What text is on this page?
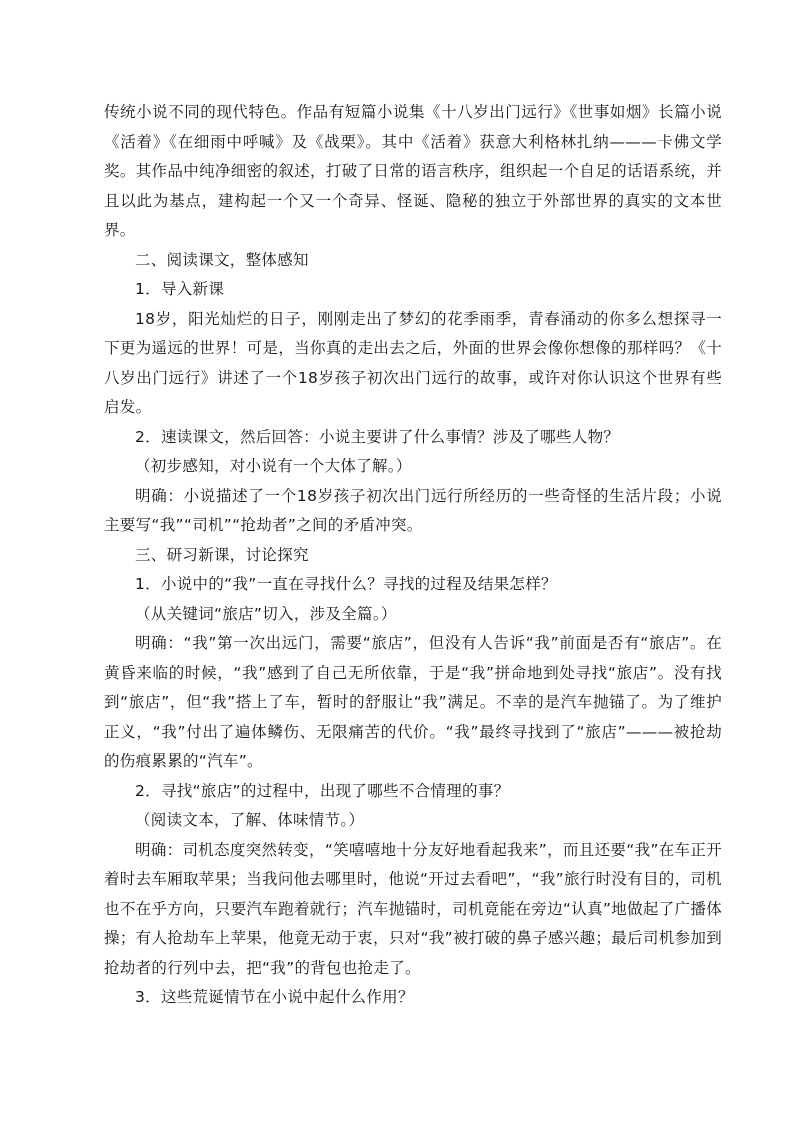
传统小说不同的现代特色。作品有短篇小说集《十八岁出门远行》《世事如烟》长篇小说《活着》《在细雨中呼喊》及《战栗》。其中《活着》获意大利格林扎纳———卡佛文学奖。其作品中纯净细密的叙述，打破了日常的语言秩序，组织起一个自足的话语系统，并且以此为基点，建构起一个又一个奇异、怪诞、隐秘的独立于外部世界的真实的文本世界。

二、阅读课文，整体感知

1．导入新课

18岁，阳光灿烂的日子，刚刚走出了梦幻的花季雨季，青春涌动的你多么想探寻一下更为遥远的世界！可是，当你真的走出去之后，外面的世界会像你想像的那样吗？《十八岁出门远行》讲述了一个18岁孩子初次出门远行的故事，或许对你认识这个世界有些启发。

2．速读课文，然后回答：小说主要讲了什么事情？涉及了哪些人物？

（初步感知，对小说有一个大体了解。）

明确：小说描述了一个18岁孩子初次出门远行所经历的一些奇怪的生活片段；小说主要写“我”“司机”“抢劫者”之间的矛盾冲突。

三、研习新课，讨论探究

1．小说中的“我”一直在寻找什么？寻找的过程及结果怎样？

（从关键词“旅店”切入，涉及全篇。）

明确：“我”第一次出远门，需要“旅店”，但没有人告诉“我”前面是否有“旅店”。在黄昏来临的时候，“我”感到了自己无所依靠，于是“我”拼命地到处寻找“旅店”。没有找到“旅店”，但“我”搭上了车，暂时的舒服让“我”满足。不幸的是汽车抛锚了。为了维护正义，“我”付出了遍体鳞伤、无限痛苦的代价。“我”最终寻找到了“旅店”———被抢劫的伤痕累累的“汽车”。

2．寻找“旅店”的过程中，出现了哪些不合情理的事？

（阅读文本，了解、体味情节。）

明确：司机态度突然转变，“笑嘻嘻地十分友好地看起我来”，而且还要“我”在车正开着时去车厢取苹果；当我问他去哪里时，他说“开过去看吧”，“我”旅行时没有目的，司机也不在乎方向，只要汽车跑着就行；汽车抛锚时，司机竟能在旁边“认真”地做起了广播体操；有人抢劫车上苹果，他竟无动于衷，只对“我”被打破的鼻子感兴趣；最后司机参加到抢劫者的行列中去，把“我”的背包也抢走了。

3．这些荒诞情节在小说中起什么作用？
